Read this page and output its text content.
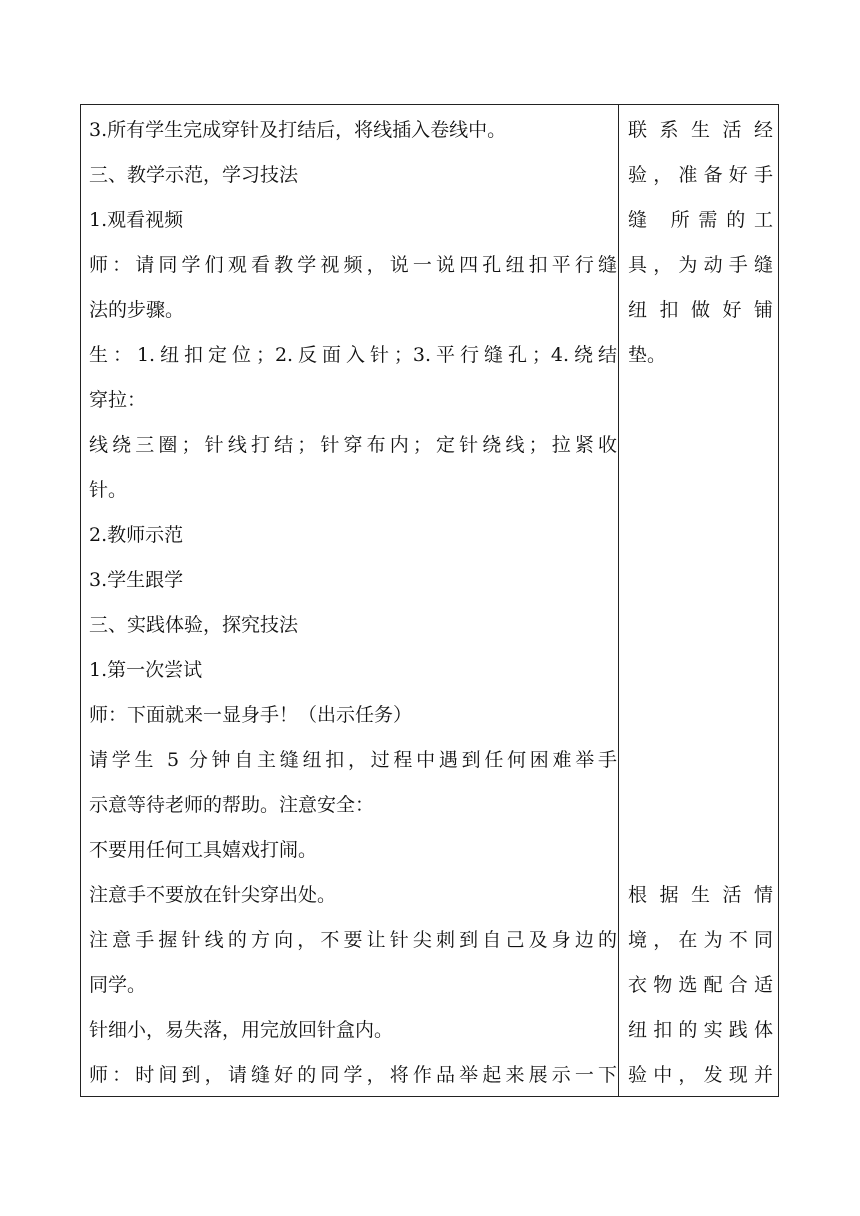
3.所有学生完成穿针及打结后，将线插入卷线中。
三、教学示范，学习技法
1.观看视频
师：请同学们观看教学视频，说一说四孔纽扣平行缝
法的步骤。
生：1.纽扣定位；2.反面入针；3.平行缝孔；4.绕结
穿拉：
线绕三圈；针线打结；针穿布内；定针绕线；拉紧收
针。
2.教师示范
3.学生跟学
三、实践体验，探究技法
1.第一次尝试
师：下面就来一显身手！（出示任务）
请学生 5 分钟自主缝纽扣，过程中遇到任何困难举手
示意等待老师的帮助。注意安全：
不要用任何工具嬉戏打闹。
注意手不要放在针尖穿出处。
注意手握针线的方向，不要让针尖刺到自己及身边的
同学。
针细小，易失落，用完放回针盒内。
师：时间到，请缝好的同学，将作品举起来展示一下
联系生活经
验，准备好手
缝 所需的工
具，为动手缝
纽扣做好铺
垫。
根据生活情
境，在为不同
衣物选配合适
纽扣的实践体
验中，发现并
